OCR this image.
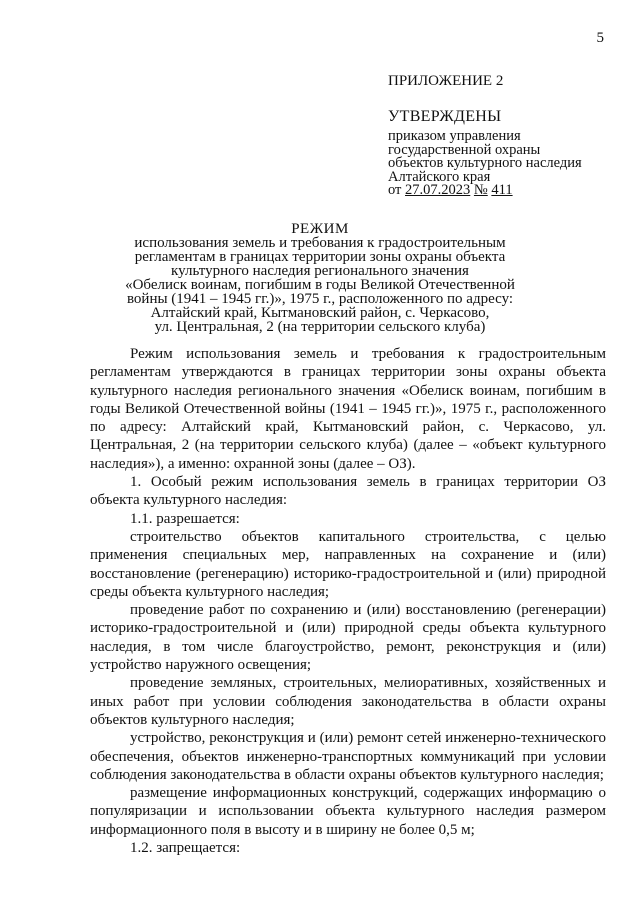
5

ПРИЛОЖЕНИЕ 2

УТВЕРЖДЕНЫ

приказом управления

государственной охраны

объектов культурного наследия

Алтайского края

от 27.07.2023 № 411

РЕЖИМ

использования земель и требования к градостроительным

регламентам в границах территории зоны охраны объекта

культурного наследия регионального значения

«Обелиск воинам, погибшим в годы Великой Отечественной

войны (1941 – 1945 гг.)», 1975 г., расположенного по адресу:

Алтайский край, Кытмановский район, с. Черкасово,

ул. Центральная, 2 (на территории сельского клуба)

Режим использования земель и требования к градостроительным регламентам утверждаются в границах территории зоны охраны объекта культурного наследия регионального значения «Обелиск воинам, погибшим в годы Великой Отечественной войны (1941 – 1945 гг.)», 1975 г., расположенного по адресу: Алтайский край, Кытмановский район, с. Черкасово, ул. Центральная, 2 (на территории сельского клуба) (далее – «объект культурного наследия»), а именно: охранной зоны (далее – ОЗ).

1. Особый режим использования земель в границах территории ОЗ объекта культурного наследия:

1.1. разрешается:

строительство объектов капитального строительства, с целью применения специальных мер, направленных на сохранение и (или) восстановление (регенерацию) историко-градостроительной и (или) природной среды объекта культурного наследия;

проведение работ по сохранению и (или) восстановлению (регенерации) историко-градостроительной и (или) природной среды объекта культурного наследия, в том числе благоустройство, ремонт, реконструкция и (или) устройство наружного освещения;

проведение земляных, строительных, мелиоративных, хозяйственных и иных работ при условии соблюдения законодательства в области охраны объектов культурного наследия;

устройство, реконструкция и (или) ремонт сетей инженерно-технического обеспечения, объектов инженерно-транспортных коммуникаций при условии соблюдения законодательства в области охраны объектов культурного наследия;

размещение информационных конструкций, содержащих информацию о популяризации и использовании объекта культурного наследия размером информационного поля в высоту и в ширину не более 0,5 м;

1.2. запрещается:
